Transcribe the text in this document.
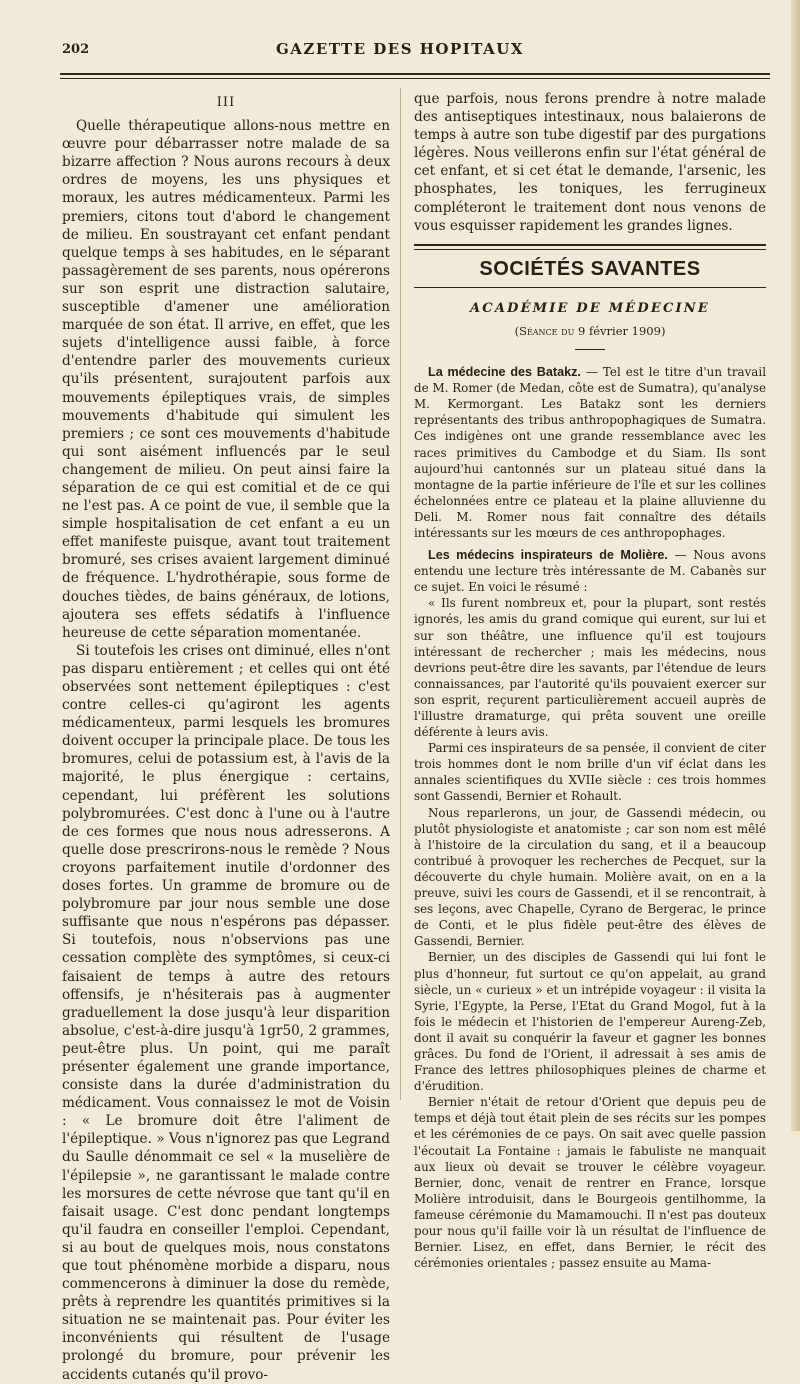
202	GAZETTE DES HOPITAUX
III

Quelle thérapeutique allons-nous mettre en œuvre pour débarrasser notre malade de sa bizarre affection ? Nous aurons recours à deux ordres de moyens, les uns physiques et moraux, les autres médicamenteux. Parmi les premiers, citons tout d'abord le changement de milieu. En soustrayant cet enfant pendant quelque temps à ses habitudes, en le séparant passagèrement de ses parents, nous opérerons sur son esprit une distraction salutaire, susceptible d'amener une amélioration marquée de son état. Il arrive, en effet, que les sujets d'intelligence aussi faible, à force d'entendre parler des mouvements curieux qu'ils présentent, surajoutent parfois aux mouvements épileptiques vrais, de simples mouvements d'habitude qui simulent les premiers ; ce sont ces mouvements d'habitude qui sont aisément influencés par le seul changement de milieu. On peut ainsi faire la séparation de ce qui est comitial et de ce qui ne l'est pas. A ce point de vue, il semble que la simple hospitalisation de cet enfant a eu un effet manifeste puisque, avant tout traitement bromuré, ses crises avaient largement diminué de fréquence. L'hydrothérapie, sous forme de douches tièdes, de bains généraux, de lotions, ajoutera ses effets sédatifs à l'influence heureuse de cette séparation momentanée.

Si toutefois les crises ont diminué, elles n'ont pas disparu entièrement ; et celles qui ont été observées sont nettement épileptiques : c'est contre celles-ci qu'agiront les agents médicamenteux, parmi lesquels les bromures doivent occuper la principale place. De tous les bromures, celui de potassium est, à l'avis de la majorité, le plus énergique : certains, cependant, lui préfèrent les solutions polybromurées. C'est donc à l'une ou à l'autre de ces formes que nous nous adresserons. A quelle dose prescrirons-nous le remède ? Nous croyons parfaitement inutile d'ordonner des doses fortes. Un gramme de bromure ou de polybromure par jour nous semble une dose suffisante que nous n'espérons pas dépasser. Si toutefois, nous n'observions pas une cessation complète des symptômes, si ceux-ci faisaient de temps à autre des retours offensifs, je n'hésiterais pas à augmenter graduellement la dose jusqu'à leur disparition absolue, c'est-à-dire jusqu'à 1gr50, 2 grammes, peut-être plus. Un point, qui me paraît présenter également une grande importance, consiste dans la durée d'administration du médicament. Vous connaissez le mot de Voisin : « Le bromure doit être l'aliment de l'épileptique. » Vous n'ignorez pas que Legrand du Saulle dénommait ce sel « la muselière de l'épilepsie », ne garantissant le malade contre les morsures de cette névrose que tant qu'il en faisait usage. C'est donc pendant longtemps qu'il faudra en conseiller l'emploi. Cependant, si au bout de quelques mois, nous constatons que tout phénomène morbide a disparu, nous commencerons à diminuer la dose du remède, prêts à reprendre les quantités primitives si la situation ne se maintenait pas. Pour éviter les inconvénients qui résultent de l'usage prolongé du bromure, pour prévenir les accidents cutanés qu'il provo-

que parfois, nous ferons prendre à notre malade des antiseptiques intestinaux, nous balaierons de temps à autre son tube digestif par des purgations légères. Nous veillerons enfin sur l'état général de cet enfant, et si cet état le demande, l'arsenic, les phosphates, les toniques, les ferrugineux compléteront le traitement dont nous venons de vous esquisser rapidement les grandes lignes.

SOCIÉTÉS SAVANTES
ACADÉMIE DE MÉDECINE
(Séance du 9 février 1909)

La médecine des Batakz. — Tel est le titre d'un travail de M. Romer (de Medan, côte est de Sumatra), qu'analyse M. Kermorgant. Les Batakz sont les derniers représentants des tribus anthropophagiques de Sumatra. Ces indigènes ont une grande ressemblance avec les races primitives du Cambodge et du Siam. Ils sont aujourd'hui cantonnés sur un plateau situé dans la montagne de la partie inférieure de l'île et sur les collines échelonnées entre ce plateau et la plaine alluvienne du Deli. M. Romer nous fait connaître des détails intéressants sur les mœurs de ces anthropophages.

Les médecins inspirateurs de Molière. — Nous avons entendu une lecture très intéressante de M. Cabanès sur ce sujet. En voici le résumé :

« Ils furent nombreux et, pour la plupart, sont restés ignorés, les amis du grand comique qui eurent, sur lui et sur son théâtre, une influence qu'il est toujours intéressant de rechercher ; mais les médecins, nous devrions peut-être dire les savants, par l'étendue de leurs connaissances, par l'autorité qu'ils pouvaient exercer sur son esprit, reçurent particulièrement accueil auprès de l'illustre dramaturge, qui prêta souvent une oreille déférente à leurs avis.

Parmi ces inspirateurs de sa pensée, il convient de citer trois hommes dont le nom brille d'un vif éclat dans les annales scientifiques du XVIIe siècle : ces trois hommes sont Gassendi, Bernier et Rohault.

Nous reparlerons, un jour, de Gassendi médecin, ou plutôt physiologiste et anatomiste ; car son nom est mêlé à l'histoire de la circulation du sang, et il a beaucoup contribué à provoquer les recherches de Pecquet, sur la découverte du chyle humain. Molière avait, on en a la preuve, suivi les cours de Gassendi, et il se rencontrait, à ses leçons, avec Chapelle, Cyrano de Bergerac, le prince de Conti, et le plus fidèle peut-être des élèves de Gassendi, Bernier.

Bernier, un des disciples de Gassendi qui lui font le plus d'honneur, fut surtout ce qu'on appelait, au grand siècle, un « curieux » et un intrépide voyageur : il visita la Syrie, l'Egypte, la Perse, l'Etat du Grand Mogol, fut à la fois le médecin et l'historien de l'empereur Aureng-Zeb, dont il avait su conquérir la faveur et gagner les bonnes grâces. Du fond de l'Orient, il adressait à ses amis de France des lettres philosophiques pleines de charme et d'érudition.

Bernier n'était de retour d'Orient que depuis peu de temps et déjà tout était plein de ses récits sur les pompes et les cérémonies de ce pays. On sait avec quelle passion l'écoutait La Fontaine : jamais le fabuliste ne manquait aux lieux où devait se trouver le célèbre voyageur. Bernier, donc, venait de rentrer en France, lorsque Molière introduisit, dans le Bourgeois gentilhomme, la fameuse cérémonie du Mamamouchi. Il n'est pas douteux pour nous qu'il faille voir là un résultat de l'influence de Bernier. Lisez, en effet, dans Bernier, le récit des cérémonies orientales ; passez ensuite au Mama-
